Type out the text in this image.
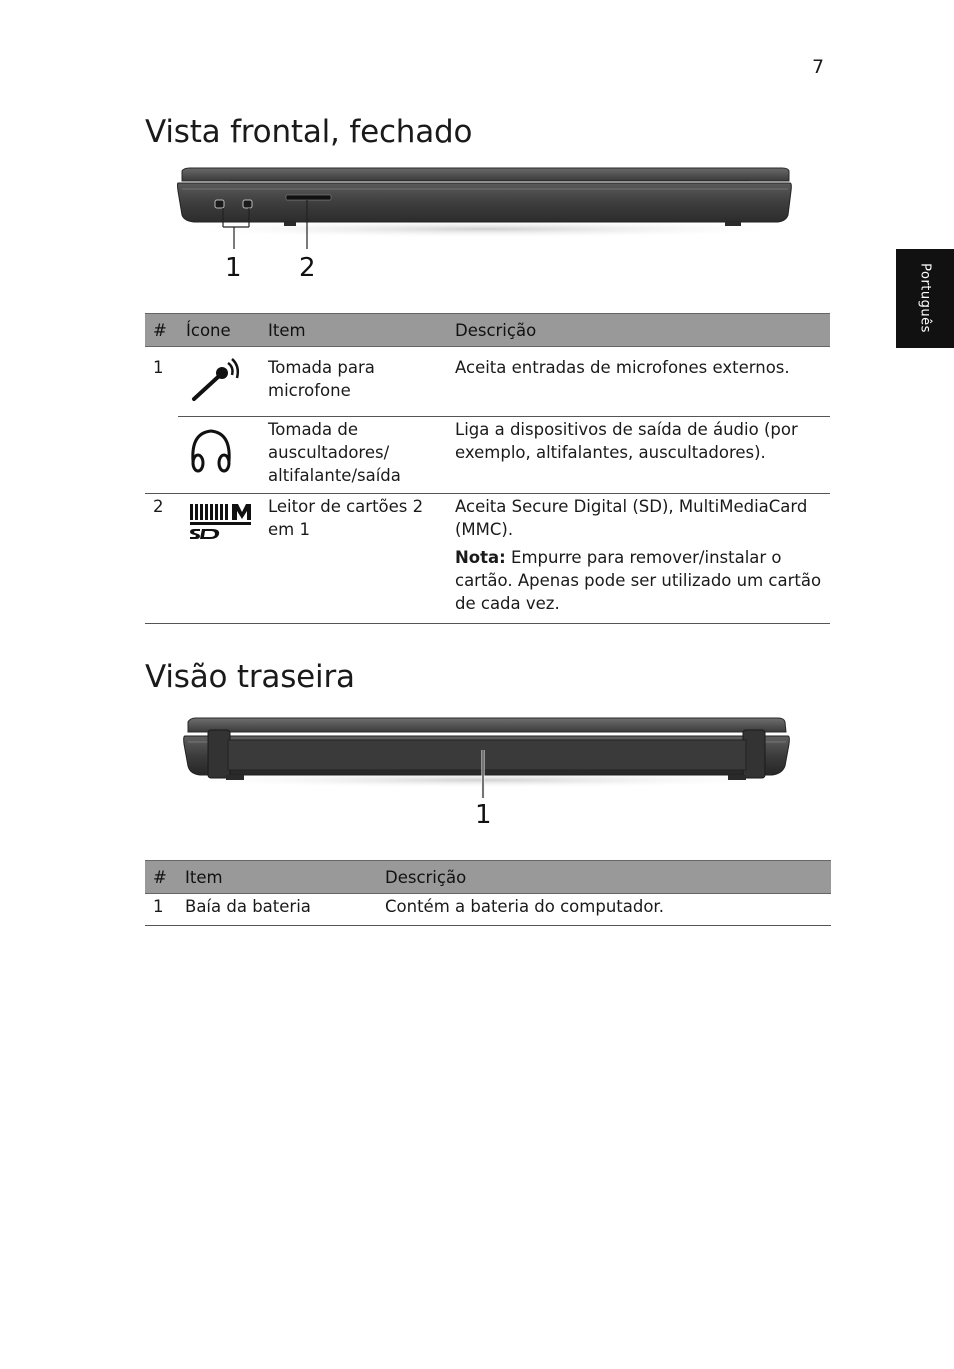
7
Português
Vista frontal, fechado
1 2
#	Ícone	Item	Descrição
1		Tomada para microfone	Aceita entradas de microfones externos.
		Tomada de auscultadores/ altifalante/saída	Liga a dispositivos de saída de áudio (por exemplo, altifalantes, auscultadores).
2		Leitor de cartões 2 em 1	Aceita Secure Digital (SD), MultiMediaCard (MMC).

Nota: Empurre para remover/instalar o cartão. Apenas pode ser utilizado um cartão de cada vez.

Visão traseira
1
#	Item	Descrição
1	Baía da bateria	Contém a bateria do computador.
